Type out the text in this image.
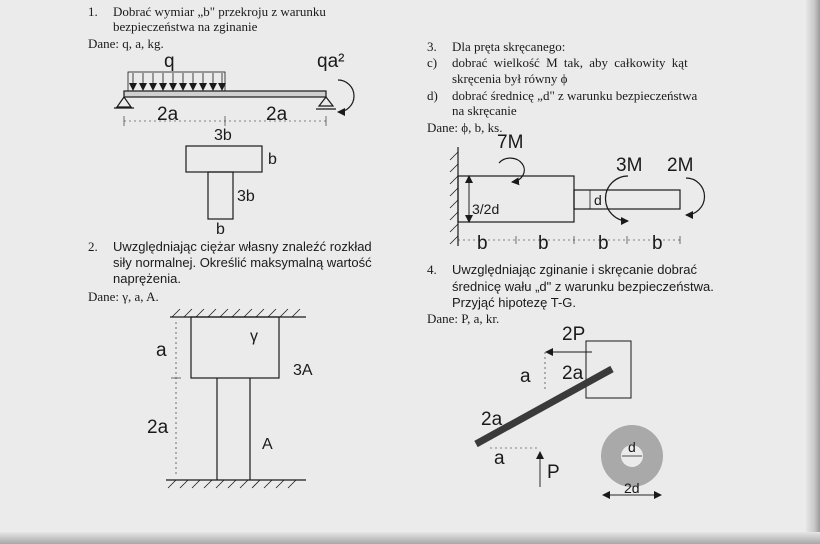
1. Dobrać wymiar „b" przekroju z warunku
bezpieczeństwa na zginanie
Dane: q, a, kg.
2. Uwzględniając ciężar własny znaleźć rozkład
siły normalnej. Określić maksymalną wartość
naprężenia.
Dane: γ, a, A.
3. Dla pręta skręcanego:
c) dobrać wielkość M tak, aby całkowity kąt
skręcenia był równy ϕ
d) dobrać średnicę „d" z warunku bezpieczeństwa
na skręcanie
Dane: ϕ, b, ks.
4. Uwzględniając zginanie i skręcanie dobrać
średnicę wału „d" z warunku bezpieczeństwa.
Przyjąć hipotezę T-G.
Dane: P, a, kr.
q	qa²
2a	2a
3b
b
3b
b
a
γ
3A
2a
A
7M
3M 2M
3/2d
d
b	b	b b
2P
a 2a
2a
a
P
d
2d
